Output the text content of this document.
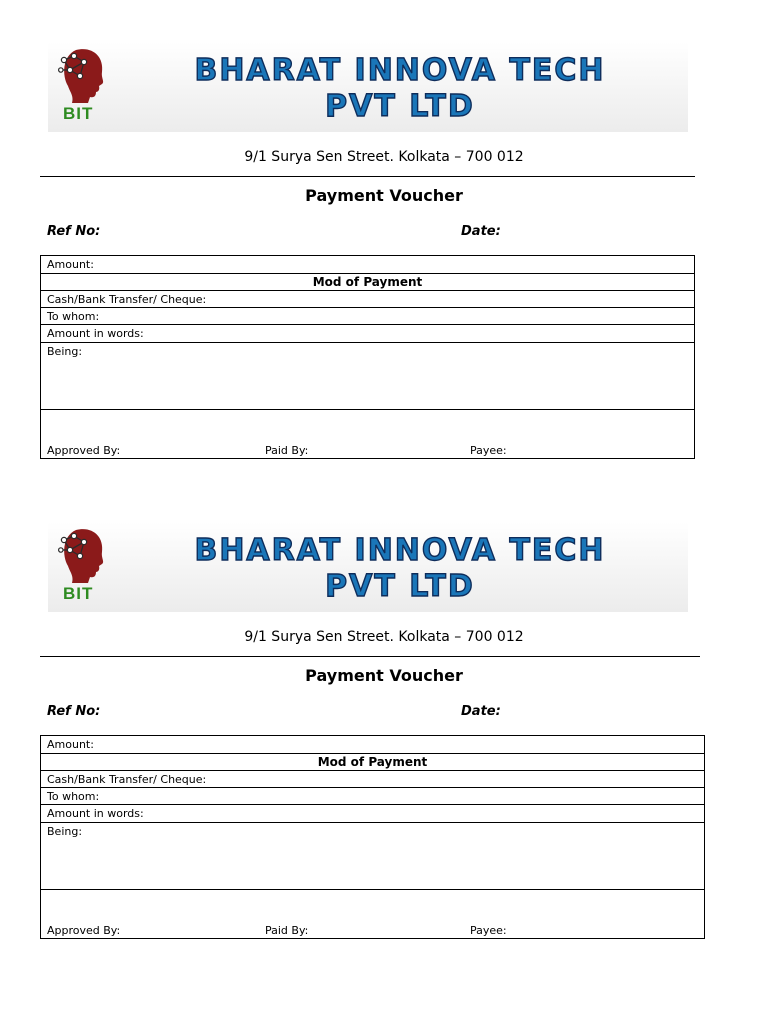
BIT
BHARAT INNOVA TECH
PVT LTD
9/1 Surya Sen Street. Kolkata – 700 012
Payment Voucher
Ref No:	Date:
Amount:
Mod of Payment
Cash/Bank Transfer/ Cheque:
To whom:
Amount in words:
Being:
Approved By:	Paid By:	Payee:
BIT
BHARAT INNOVA TECH
PVT LTD
9/1 Surya Sen Street. Kolkata – 700 012
Payment Voucher
Ref No:	Date:
Amount:
Mod of Payment
Cash/Bank Transfer/ Cheque:
To whom:
Amount in words:
Being:
Approved By:	Paid By:	Payee:
